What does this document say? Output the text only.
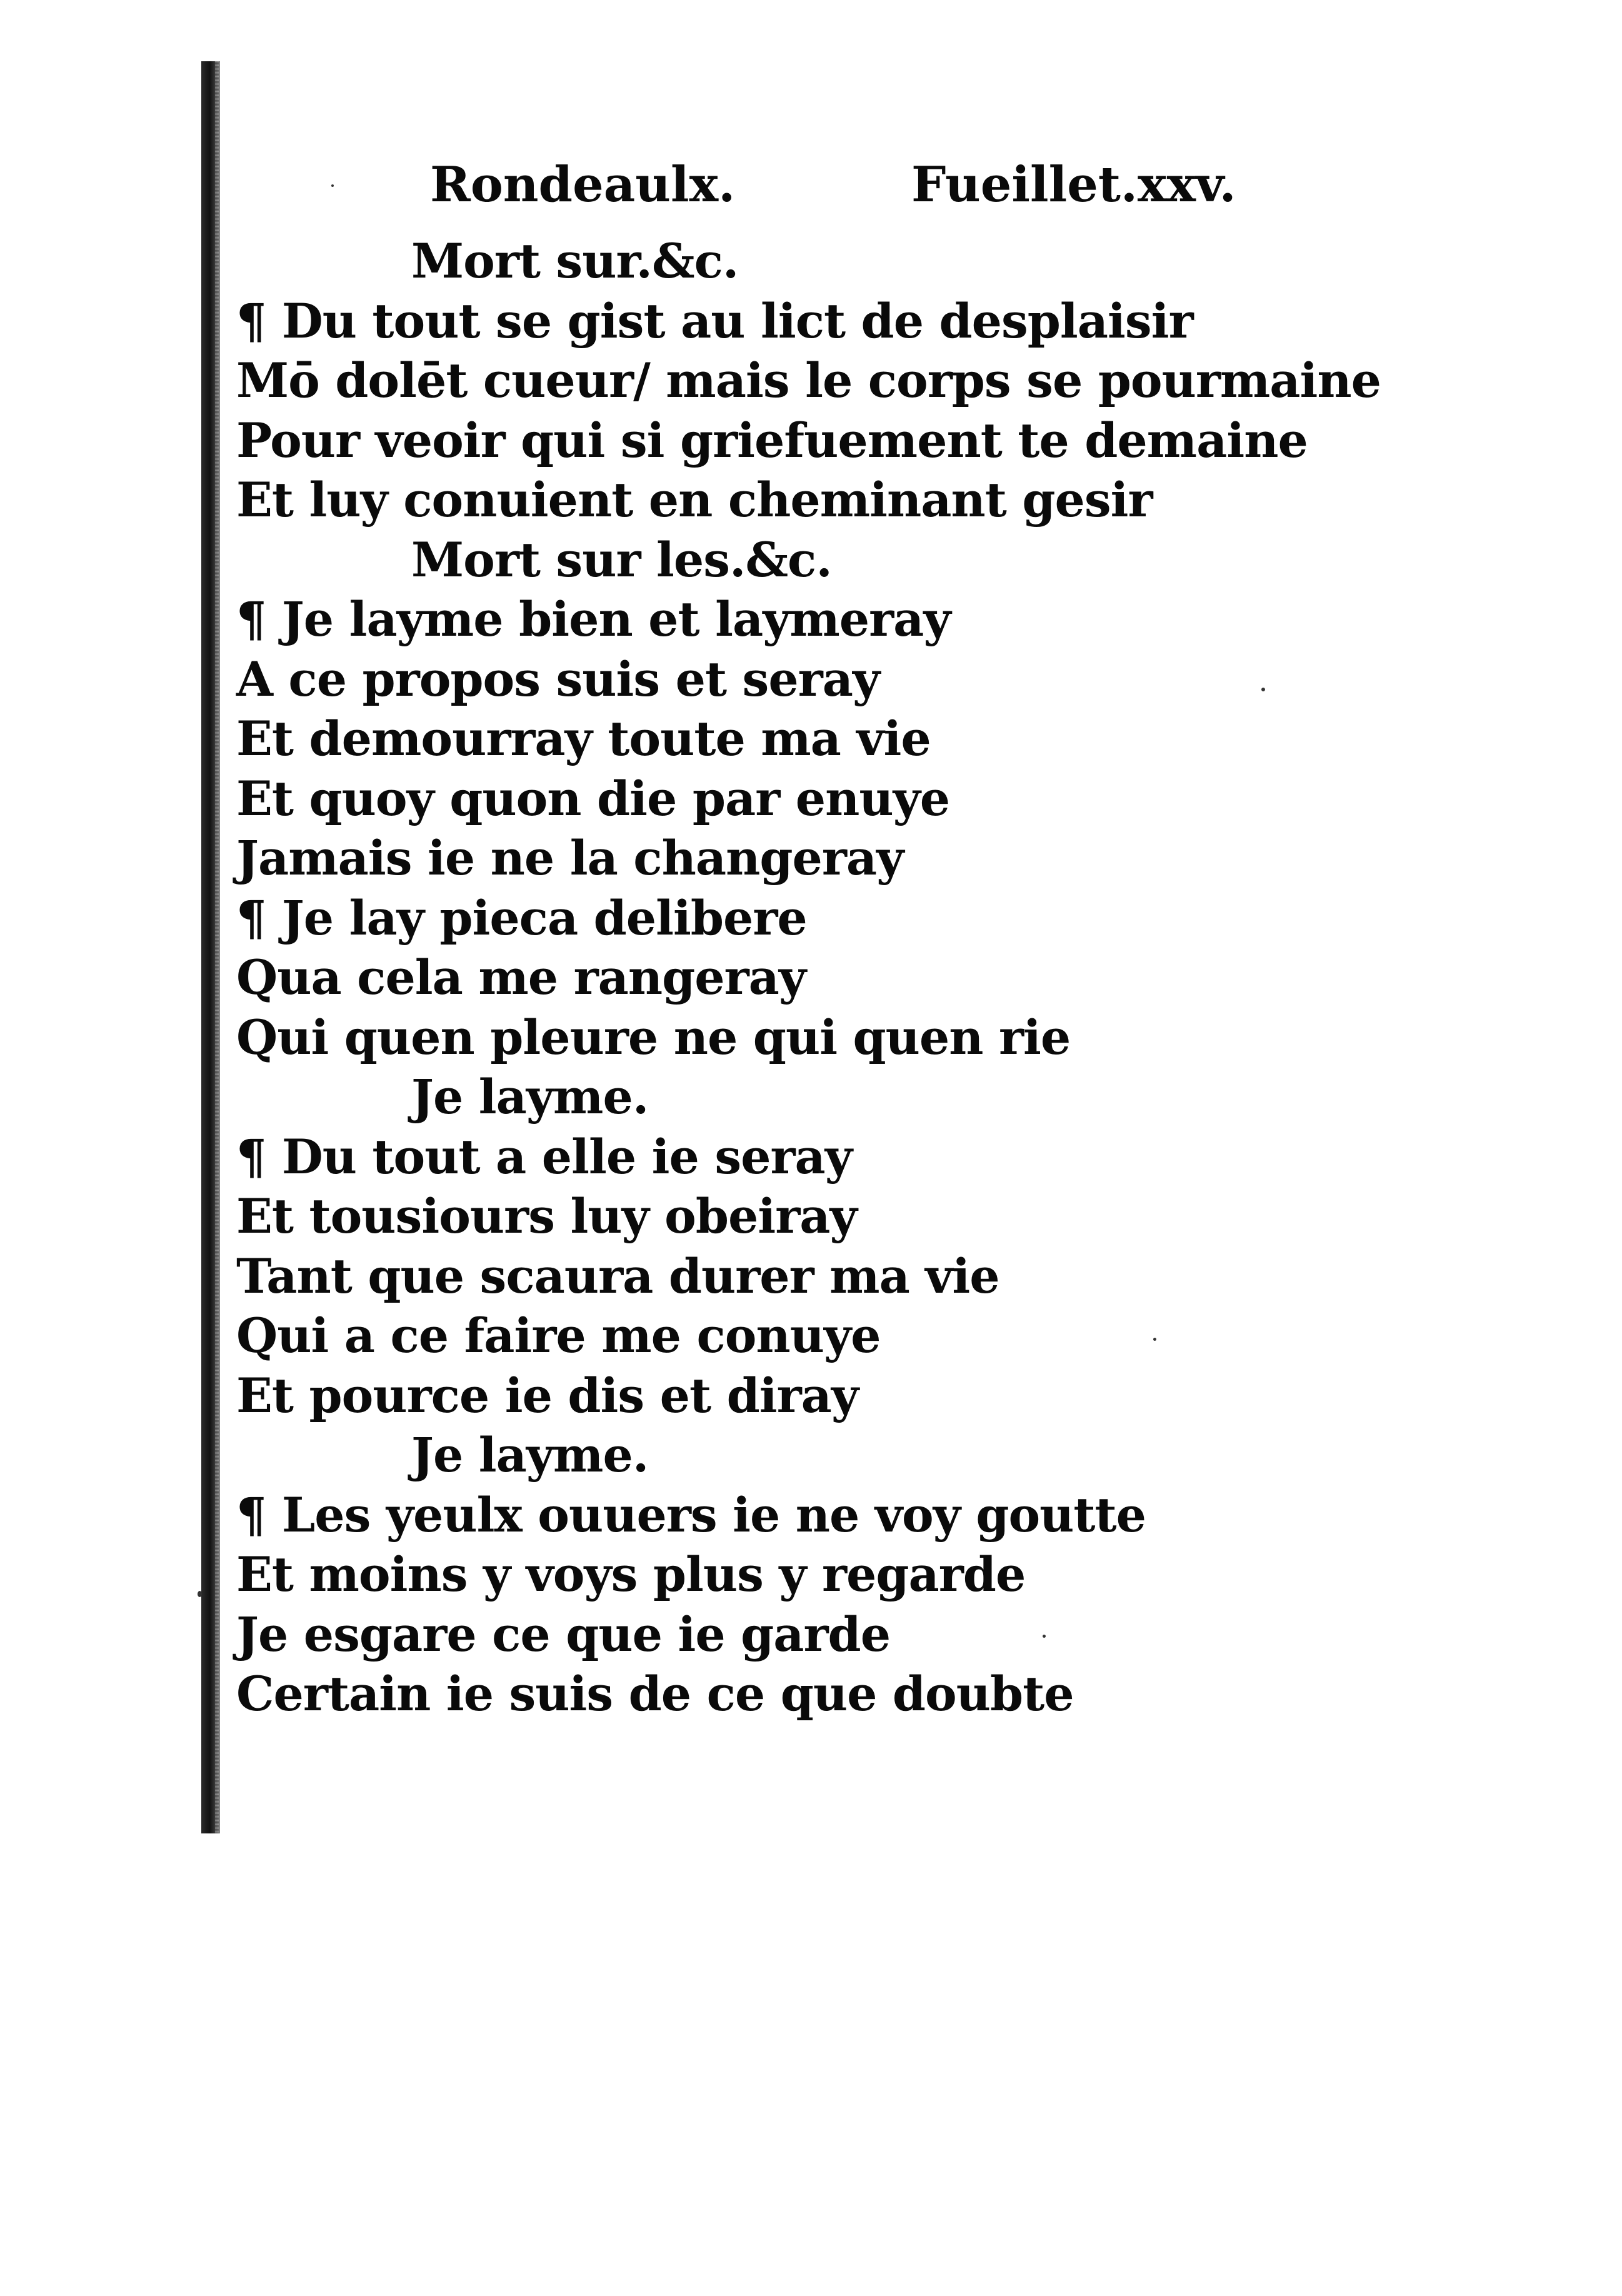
Rondeaulx.	Fueillet.xxv.
Mort sur.&c.
¶ Du tout se gist au lict de desplaisir
Mō dolēt cueur/ mais le corps se pourmaine
Pour veoir qui si griefuement te demaine
Et luy conuient en cheminant gesir
Mort sur les.&c.
¶ Je layme bien et laymeray
A ce propos suis et seray
Et demourray toute ma vie
Et quoy quon die par enuye
Jamais ie ne la changeray
¶ Je lay pieca delibere
Qua cela me rangeray
Qui quen pleure ne qui quen rie
Je layme.
¶ Du tout a elle ie seray
Et tousiours luy obeiray
Tant que scaura durer ma vie
Qui a ce faire me conuye
Et pource ie dis et diray
Je layme.
¶ Les yeulx ouuers ie ne voy goutte
Et moins y voys plus y regarde
Je esgare ce que ie garde
Certain ie suis de ce que doubte
